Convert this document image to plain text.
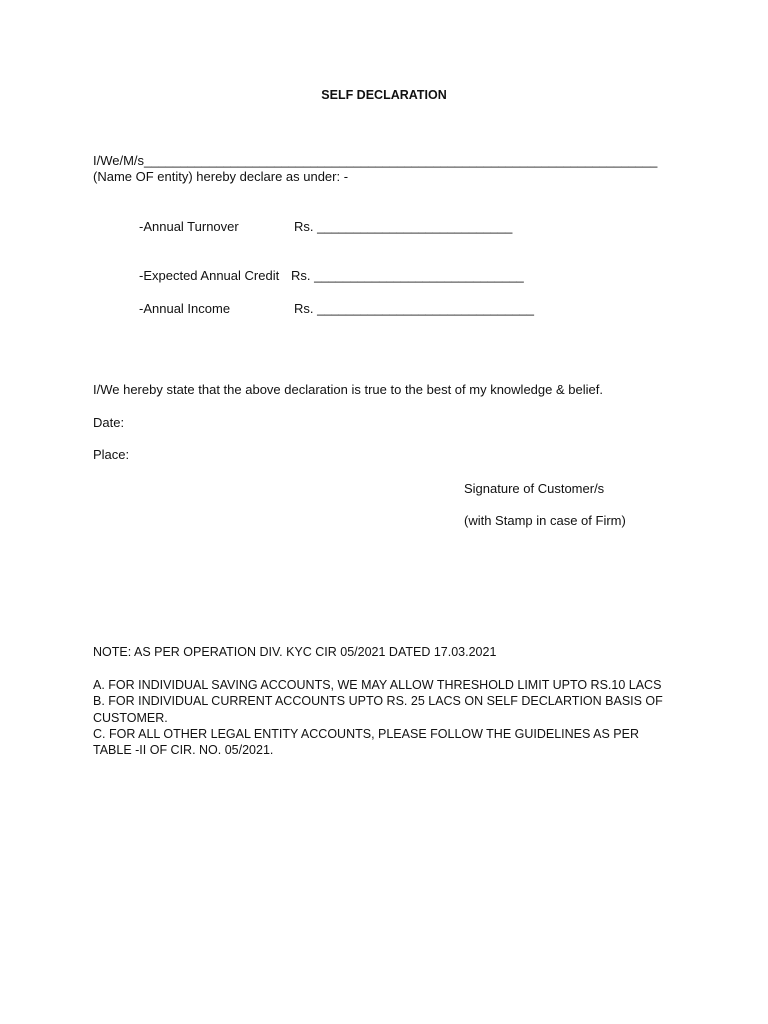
SELF DECLARATION
I/We/M/s_______________________________________________________________________ (Name OF entity) hereby declare as under: -
-Annual Turnover	Rs. ___________________________
-Expected Annual Credit Rs. _____________________________
-Annual Income	Rs. ______________________________
I/We hereby state that the above declaration is true to the best of my knowledge & belief.
Date:
Place:
Signature of Customer/s
(with Stamp in case of Firm)
NOTE: AS PER OPERATION DIV. KYC CIR 05/2021 DATED 17.03.2021
A. FOR INDIVIDUAL SAVING ACCOUNTS, WE MAY ALLOW THRESHOLD LIMIT UPTO RS.10 LACS
B. FOR INDIVIDUAL CURRENT ACCOUNTS UPTO RS. 25 LACS ON SELF DECLARTION BASIS OF CUSTOMER.
C. FOR ALL OTHER LEGAL ENTITY ACCOUNTS, PLEASE FOLLOW THE GUIDELINES AS PER TABLE -II OF CIR. NO. 05/2021.
